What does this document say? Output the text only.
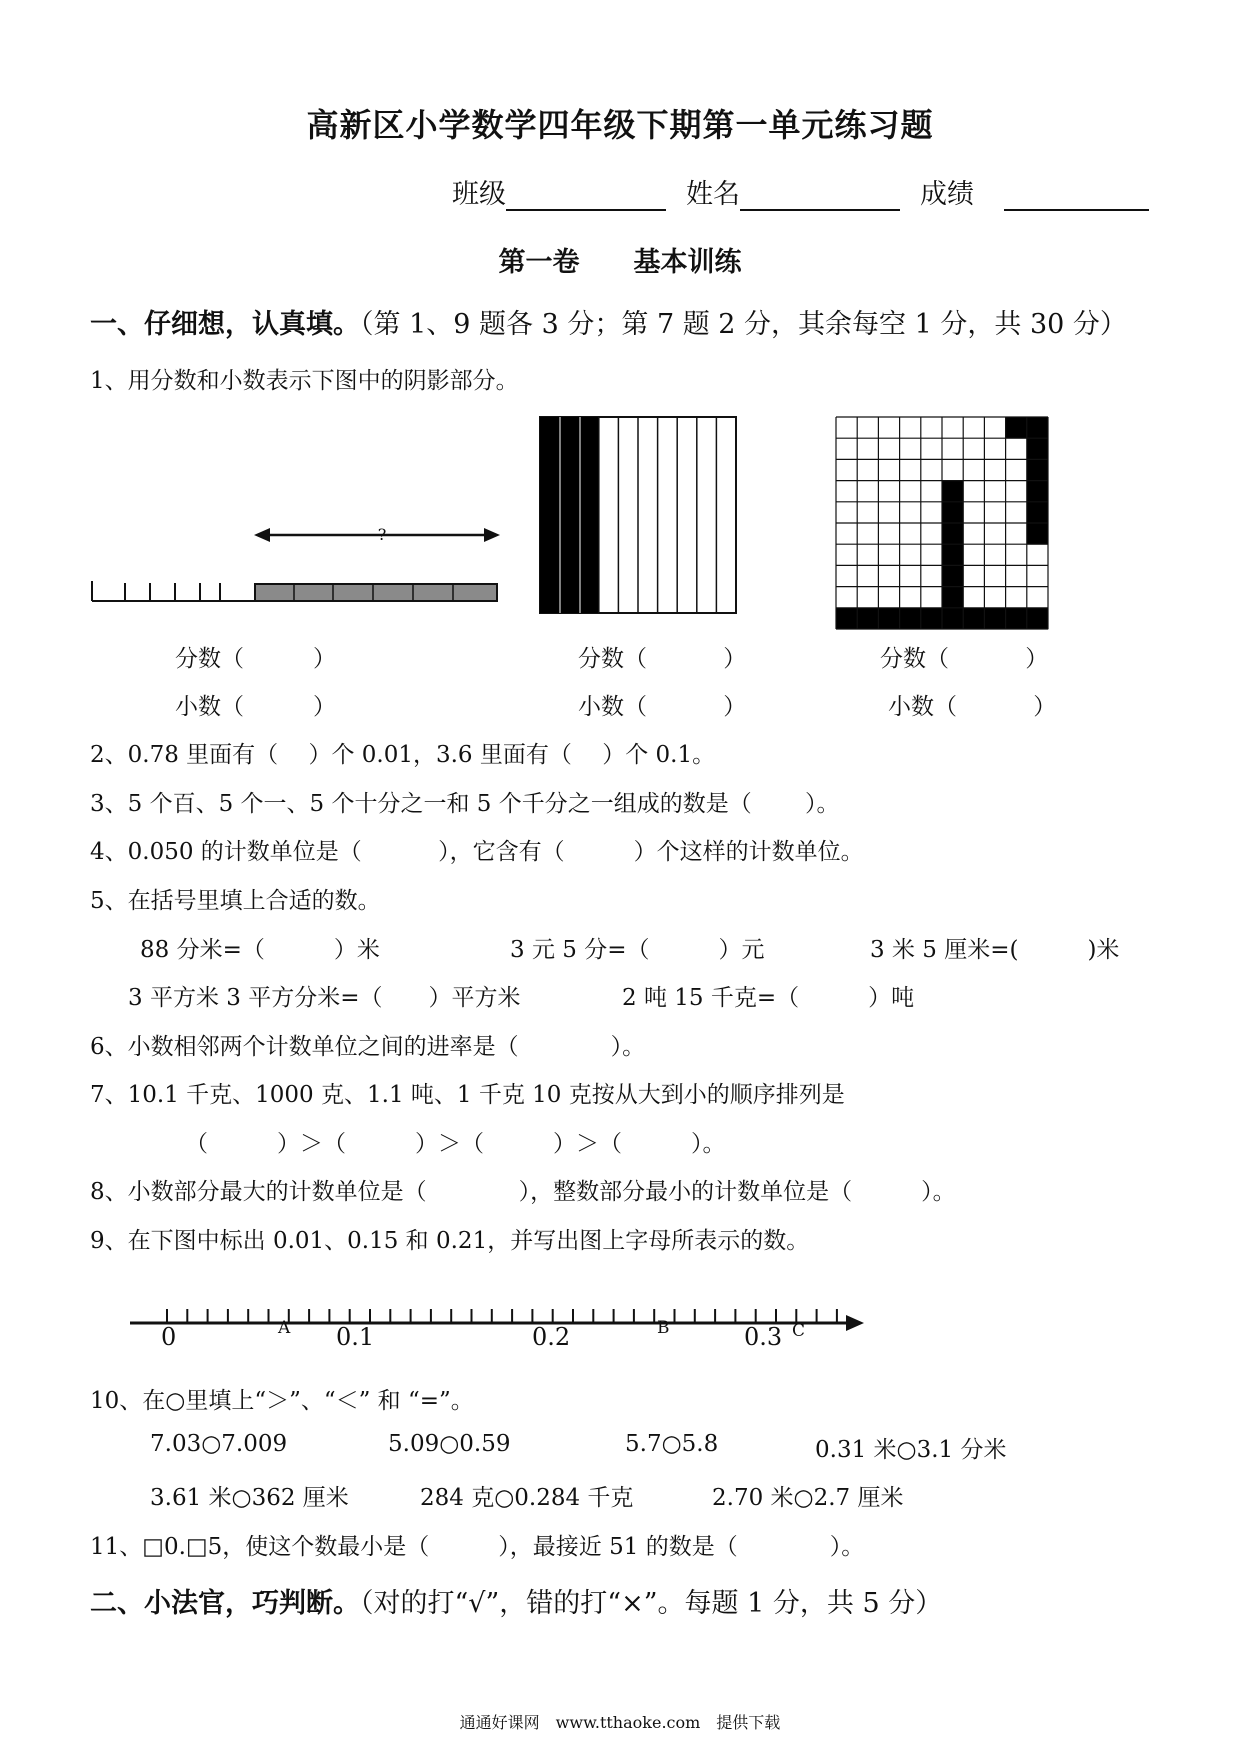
高新区小学数学四年级下期第一单元练习题
班级	姓名	成绩
第一卷　　基本训练
一、仔细想，认真填。（第 1、9 题各 3 分；第 7 题 2 分，其余每空 1 分，共 30 分）
1、用分数和小数表示下图中的阴影部分。
?
分数（　　　）
小数（　　　）
分数（　　　 ）
小数（　　　 ）
分数（　　　 ）
小数（　　　 ）
2、0.78 里面有（　 ）个 0.01，3.6 里面有（　 ）个 0.1。
3、5 个百、5 个一、5 个十分之一和 5 个千分之一组成的数是（　　 ）。
4、0.050 的计数单位是（　　　 ），它含有（　　　）个这样的计数单位。
5、在括号里填上合适的数。
88 分米=（　　　）米	3 元 5 分=（　　　）元	3 米 5 厘米=(　　　)米
3 平方米 3 平方分米=（　　）平方米	2 吨 15 千克=（　　　）吨
6、小数相邻两个计数单位之间的进率是（　　　　）。
7、10.1 千克、1000 克、1.1 吨、1 千克 10 克按从大到小的顺序排列是
（　　　）＞（　　　）＞（　　　）＞（　　　）。
8、小数部分最大的计数单位是（　　　　），整数部分最小的计数单位是（　　　）。
9、在下图中标出 0.01、0.15 和 0.21，并写出图上字母所表示的数。
0	0.1	0.2	0.3
A	B	C
10、在○里填上“＞”、“＜” 和 “=”。
7.03○7.009	5.09○0.59	5.7○5.8	0.31 米○3.1 分米
3.61 米○362 厘米	284 克○0.284 千克	2.70 米○2.7 厘米
11、□0.□5，使这个数最小是（　　　），最接近 51 的数是（　　　　）。
二、小法官，巧判断。（对的打“√”，错的打“×”。每题 1 分，共 5 分）
通通好课网　www.tthaoke.com　提供下载
